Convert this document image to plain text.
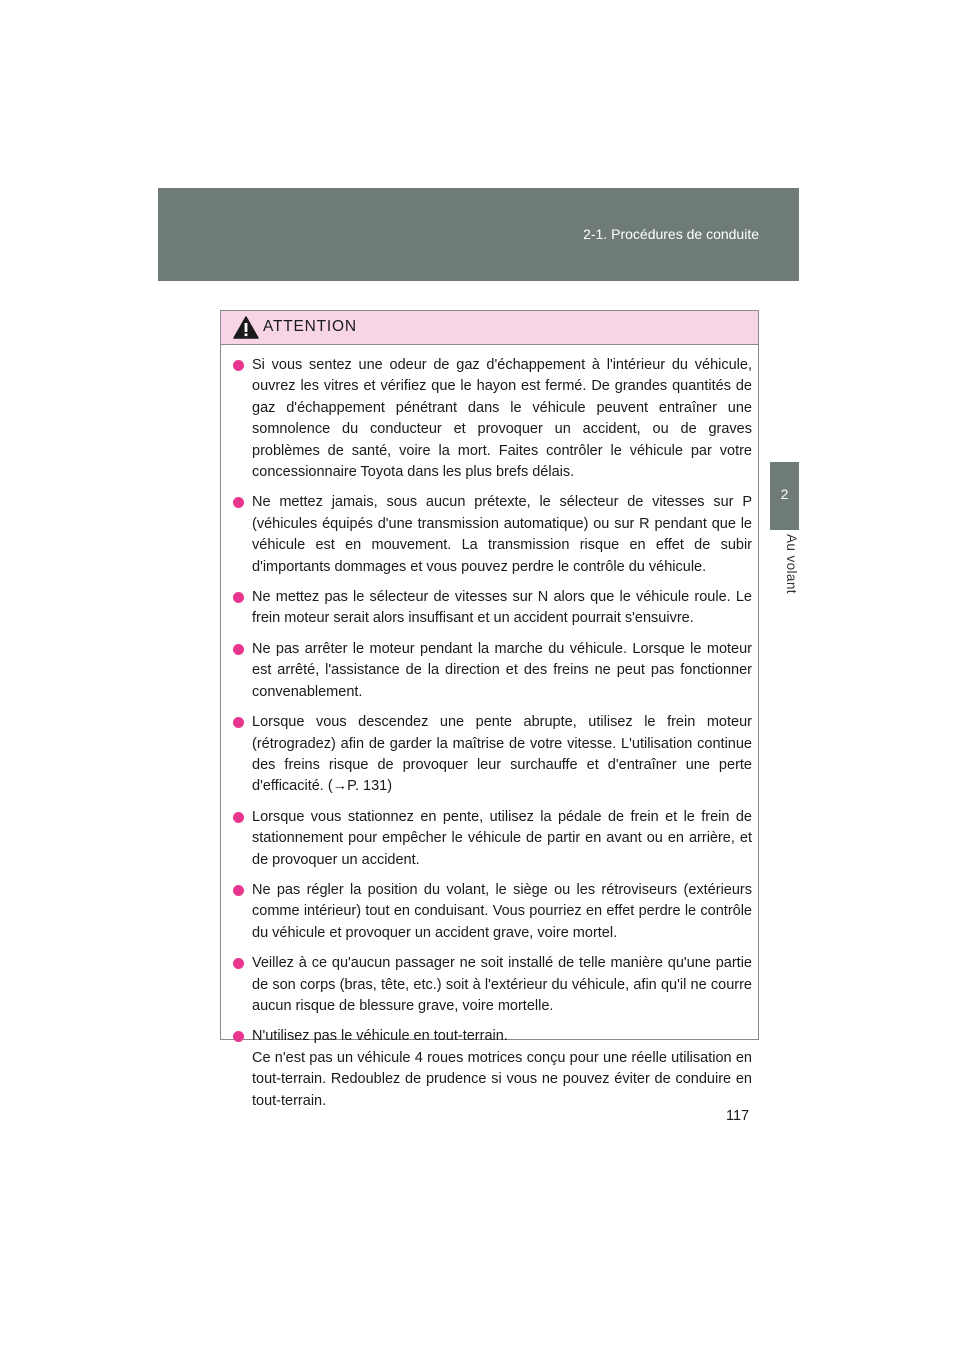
2-1. Procédures de conduite
2
Au volant
ATTENTION
Si vous sentez une odeur de gaz d'échappement à l'intérieur du véhicule, ouvrez les vitres et vérifiez que le hayon est fermé. De grandes quantités de gaz d'échappement pénétrant dans le véhicule peuvent entraîner une somnolence du conducteur et provoquer un accident, ou de graves problèmes de santé, voire la mort. Faites contrôler le véhicule par votre concessionnaire Toyota dans les plus brefs délais.
Ne mettez jamais, sous aucun prétexte, le sélecteur de vitesses sur P (véhicules équipés d'une transmission automatique) ou sur R pendant que le véhicule est en mouvement. La transmission risque en effet de subir d'importants dommages et vous pouvez perdre le contrôle du véhicule.
Ne mettez pas le sélecteur de vitesses sur N alors que le véhicule roule. Le frein moteur serait alors insuffisant et un accident pourrait s'ensuivre.
Ne pas arrêter le moteur pendant la marche du véhicule. Lorsque le moteur est arrêté, l'assistance de la direction et des freins ne peut pas fonctionner convenablement.
Lorsque vous descendez une pente abrupte, utilisez le frein moteur (rétrogradez) afin de garder la maîtrise de votre vitesse. L'utilisation continue des freins risque de provoquer leur surchauffe et d'entraîner une perte d'efficacité. (→P. 131)
Lorsque vous stationnez en pente, utilisez la pédale de frein et le frein de stationnement pour empêcher le véhicule de partir en avant ou en arrière, et de provoquer un accident.
Ne pas régler la position du volant, le siège ou les rétroviseurs (extérieurs comme intérieur) tout en conduisant. Vous pourriez en effet perdre le contrôle du véhicule et provoquer un accident grave, voire mortel.
Veillez à ce qu'aucun passager ne soit installé de telle manière qu'une partie de son corps (bras, tête, etc.) soit à l'extérieur du véhicule, afin qu'il ne courre aucun risque de blessure grave, voire mortelle.
N'utilisez pas le véhicule en tout-terrain.
Ce n'est pas un véhicule 4 roues motrices conçu pour une réelle utilisation en tout-terrain. Redoublez de prudence si vous ne pouvez éviter de conduire en tout-terrain.
117
